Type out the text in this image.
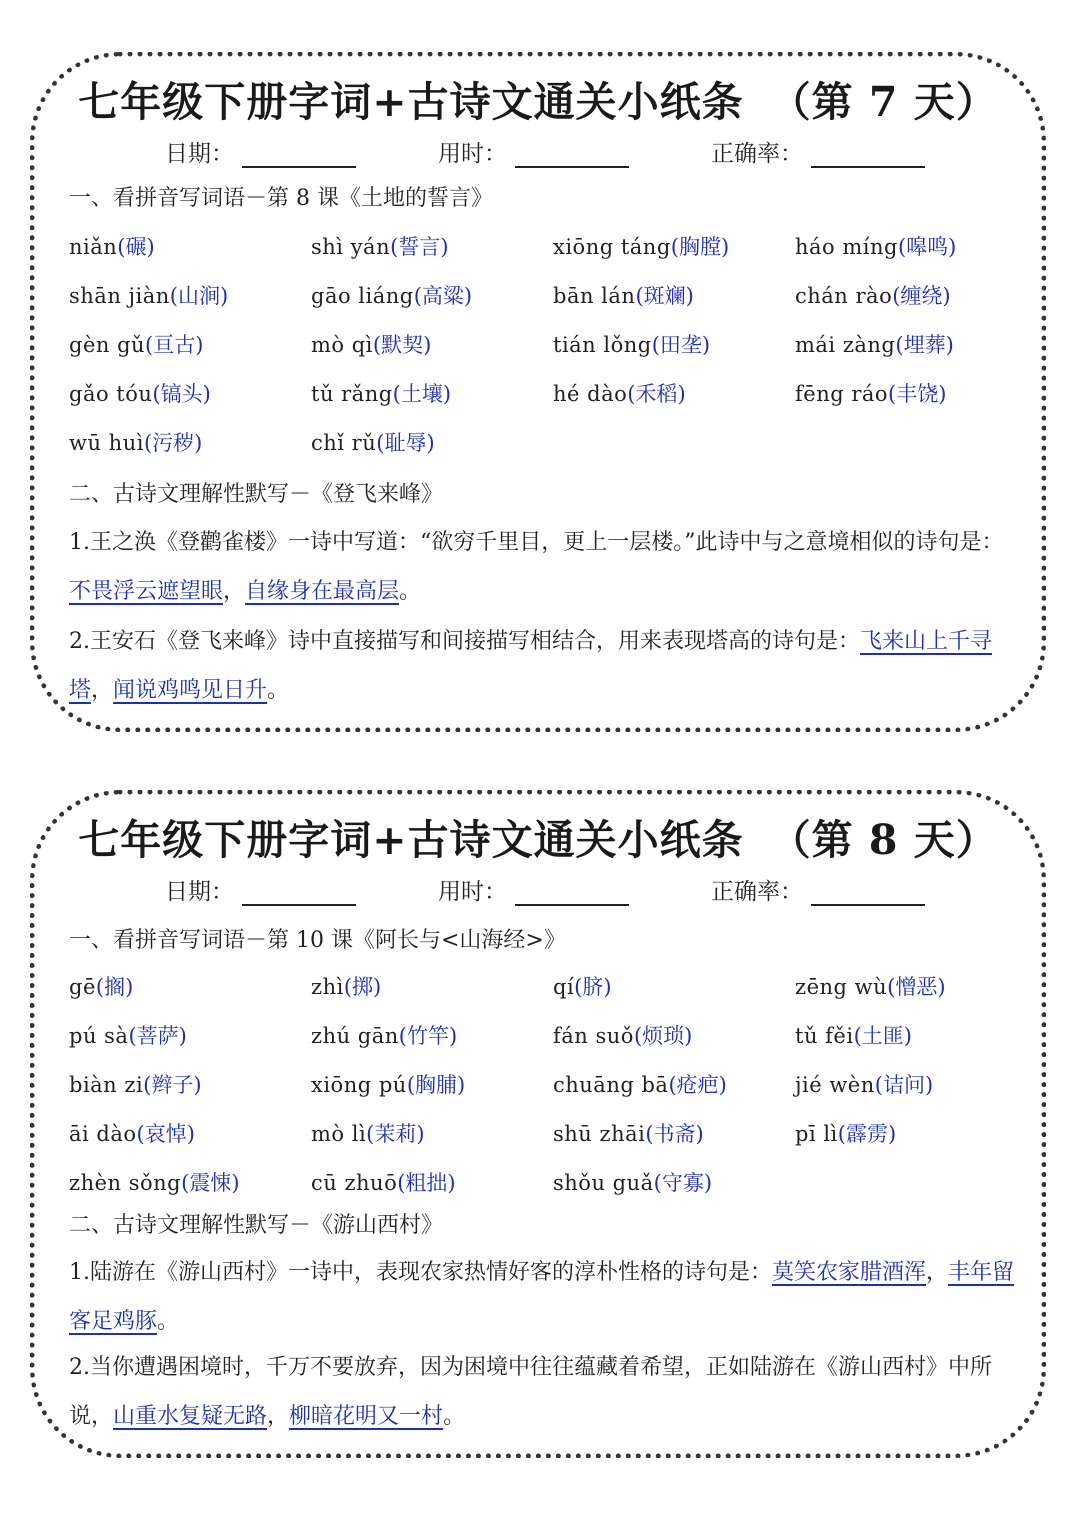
七年级下册字词+古诗文通关小纸条 （第 7 天）
日期：	用时：	正确率：
一、看拼音写词语－第 8 课《土地的誓言》
niǎn(碾)	shì yán(誓言)	xiōng táng(胸膛)	háo míng(嗥鸣)
shān jiàn(山涧)	gāo liáng(高粱)	bān lán(斑斓)	chán rào(缠绕)
gèn gǔ(亘古)	mò qì(默契)	tián lǒng(田垄)	mái zàng(埋葬)
gǎo tóu(镐头)	tǔ rǎng(土壤)	hé dào(禾稻)	fēng ráo(丰饶)
wū huì(污秽)	chǐ rǔ(耻辱)
二、古诗文理解性默写－《登飞来峰》
1.王之涣《登鹳雀楼》一诗中写道：“欲穷千里目，更上一层楼。”此诗中与之意境相似的诗句是：不畏浮云遮望眼，自缘身在最高层。
2.王安石《登飞来峰》诗中直接描写和间接描写相结合，用来表现塔高的诗句是：飞来山上千寻塔，闻说鸡鸣见日升。
七年级下册字词+古诗文通关小纸条 （第 8 天）
日期：	用时：	正确率：
一、看拼音写词语－第 10 课《阿长与<山海经>》
gē(搁)	zhì(掷)	qí(脐)	zēng wù(憎恶)
pú sà(菩萨)	zhú gān(竹竿)	fán suǒ(烦琐)	tǔ fěi(土匪)
biàn zi(辫子)	xiōng pú(胸脯)	chuāng bā(疮疤)	jié wèn(诘问)
āi dào(哀悼)	mò lì(茉莉)	shū zhāi(书斋)	pī lì(霹雳)
zhèn sǒng(震悚)	cū zhuō(粗拙)	shǒu guǎ(守寡)
二、古诗文理解性默写－《游山西村》
1.陆游在《游山西村》一诗中，表现农家热情好客的淳朴性格的诗句是：莫笑农家腊酒浑，丰年留客足鸡豚。
2.当你遭遇困境时，千万不要放弃，因为困境中往往蕴藏着希望，正如陆游在《游山西村》中所说，山重水复疑无路，柳暗花明又一村。
